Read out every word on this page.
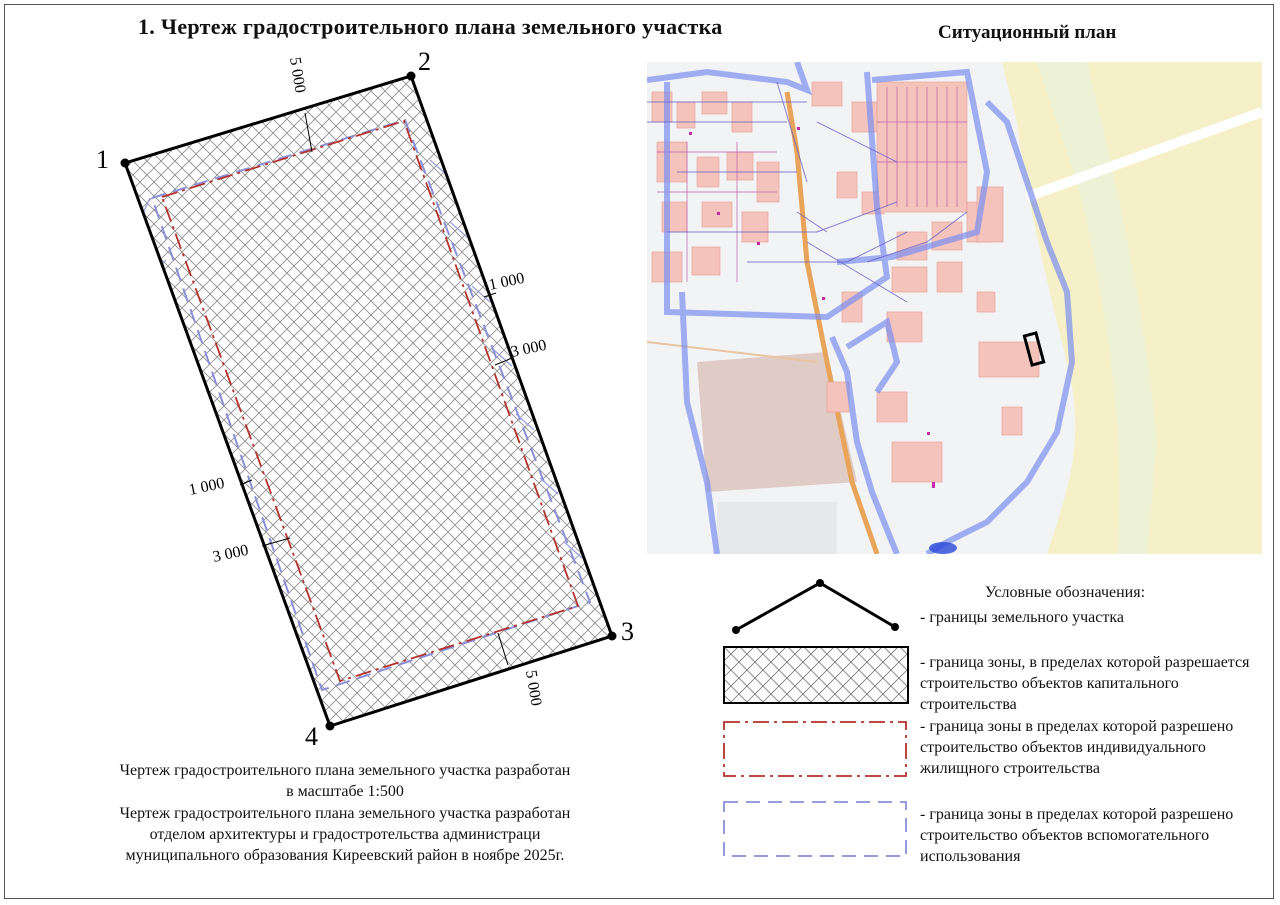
1. Чертеж градостроительного плана земельного участка	Ситуационный план
1
2
3
4
5 000
1 000
3 000
1 000
3 000
5 000
Условные обозначения:
- границы земельного участка
- граница зоны, в пределах которой разрешается строительство объектов капитального строительства
- граница зоны в пределах которой разрешено строительство объектов индивидуального жилищного строительства
- граница зоны в пределах которой разрешено строительство объектов вспомогательного использования
Чертеж градостроительного плана земельного участка разработан
в масштабе 1:500
Чертеж градостроительного плана земельного участка разработан
отделом архитектуры и градостротельства администраци
муниципального образования Киреевский район в ноябре 2025г.
